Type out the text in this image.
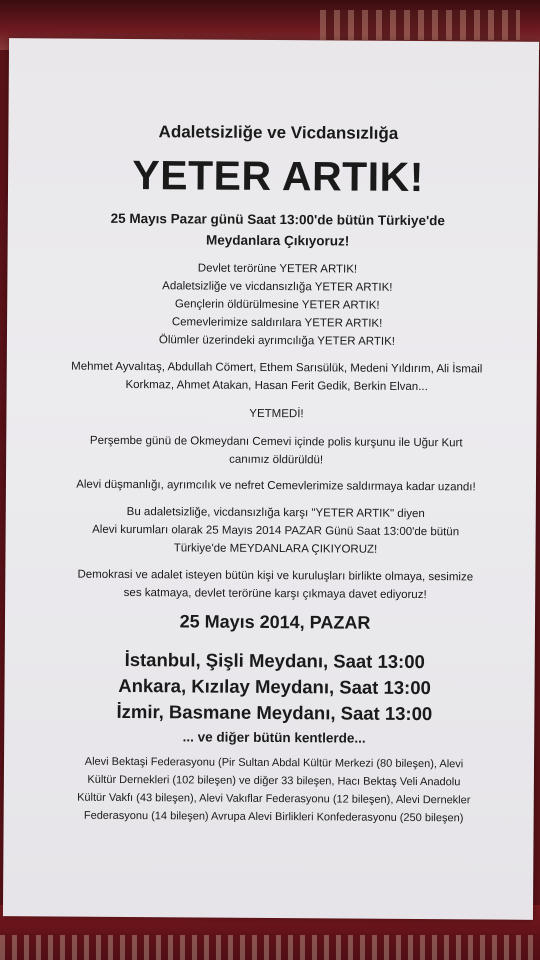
Adaletsizliğe ve Vicdansızlığa
YETER ARTIK!
25 Mayıs Pazar günü Saat 13:00'de bütün Türkiye'de
Meydanlara Çıkıyoruz!
Devlet terörüne YETER ARTIK!
Adaletsizliğe ve vicdansızlığa YETER ARTIK!
Gençlerin öldürülmesine YETER ARTIK!
Cemevlerimize saldırılara YETER ARTIK!
Ölümler üzerindeki ayrımcılığa YETER ARTIK!
Mehmet Ayvalıtaş, Abdullah Cömert, Ethem Sarısülük, Medeni Yıldırım, Ali İsmail
Korkmaz, Ahmet Atakan, Hasan Ferit Gedik, Berkin Elvan...
YETMEDİ!
Perşembe günü de Okmeydanı Cemevi içinde polis kurşunu ile Uğur Kurt
canımız öldürüldü!
Alevi düşmanlığı, ayrımcılık ve nefret Cemevlerimize saldırmaya kadar uzandı!
Bu adaletsizliğe, vicdansızlığa karşı "YETER ARTIK" diyen
Alevi kurumları olarak 25 Mayıs 2014 PAZAR Günü Saat 13:00'de bütün
Türkiye'de MEYDANLARA ÇIKIYORUZ!
Demokrasi ve adalet isteyen bütün kişi ve kuruluşları birlikte olmaya, sesimize
ses katmaya, devlet terörüne karşı çıkmaya davet ediyoruz!
25 Mayıs 2014, PAZAR
İstanbul, Şişli Meydanı, Saat 13:00
Ankara, Kızılay Meydanı, Saat 13:00
İzmir, Basmane Meydanı, Saat 13:00
... ve diğer bütün kentlerde...
Alevi Bektaşi Federasyonu (Pir Sultan Abdal Kültür Merkezi (80 bileşen), Alevi
Kültür Dernekleri (102 bileşen) ve diğer 33 bileşen, Hacı Bektaş Veli Anadolu
Kültür Vakfı (43 bileşen), Alevi Vakıflar Federasyonu (12 bileşen), Alevi Dernekler
Federasyonu (14 bileşen) Avrupa Alevi Birlikleri Konfederasyonu (250 bileşen)
